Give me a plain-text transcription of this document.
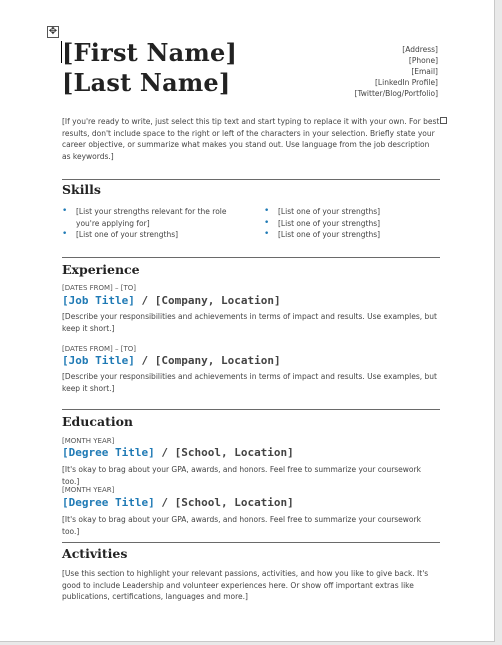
✥
[First Name]
[Last Name]
[Address]
[Phone]
[Email]
[LinkedIn Profile]
[Twitter/Blog/Portfolio]
[If you're ready to write, just select this tip text and start typing to replace it with your own. For best results, don't include space to the right or left of the characters in your selection. Briefly state your career objective, or summarize what makes you stand out. Use language from the job description as keywords.]
Skills
• [List your strengths relevant for the role you're applying for]
• [List one of your strengths]
• [List one of your strengths]
• [List one of your strengths]
• [List one of your strengths]
Experience
[DATES FROM] – [TO]
[Job Title] / [Company, Location]
[Describe your responsibilities and achievements in terms of impact and results. Use examples, but keep it short.]
[DATES FROM] – [TO]
[Job Title] / [Company, Location]
[Describe your responsibilities and achievements in terms of impact and results. Use examples, but keep it short.]
Education
[MONTH YEAR]
[Degree Title] / [School, Location]
[It's okay to brag about your GPA, awards, and honors. Feel free to summarize your coursework too.]
[MONTH YEAR]
[Degree Title] / [School, Location]
[It's okay to brag about your GPA, awards, and honors. Feel free to summarize your coursework too.]
Activities
[Use this section to highlight your relevant passions, activities, and how you like to give back. It's good to include Leadership and volunteer experiences here. Or show off important extras like publications, certifications, languages and more.]
